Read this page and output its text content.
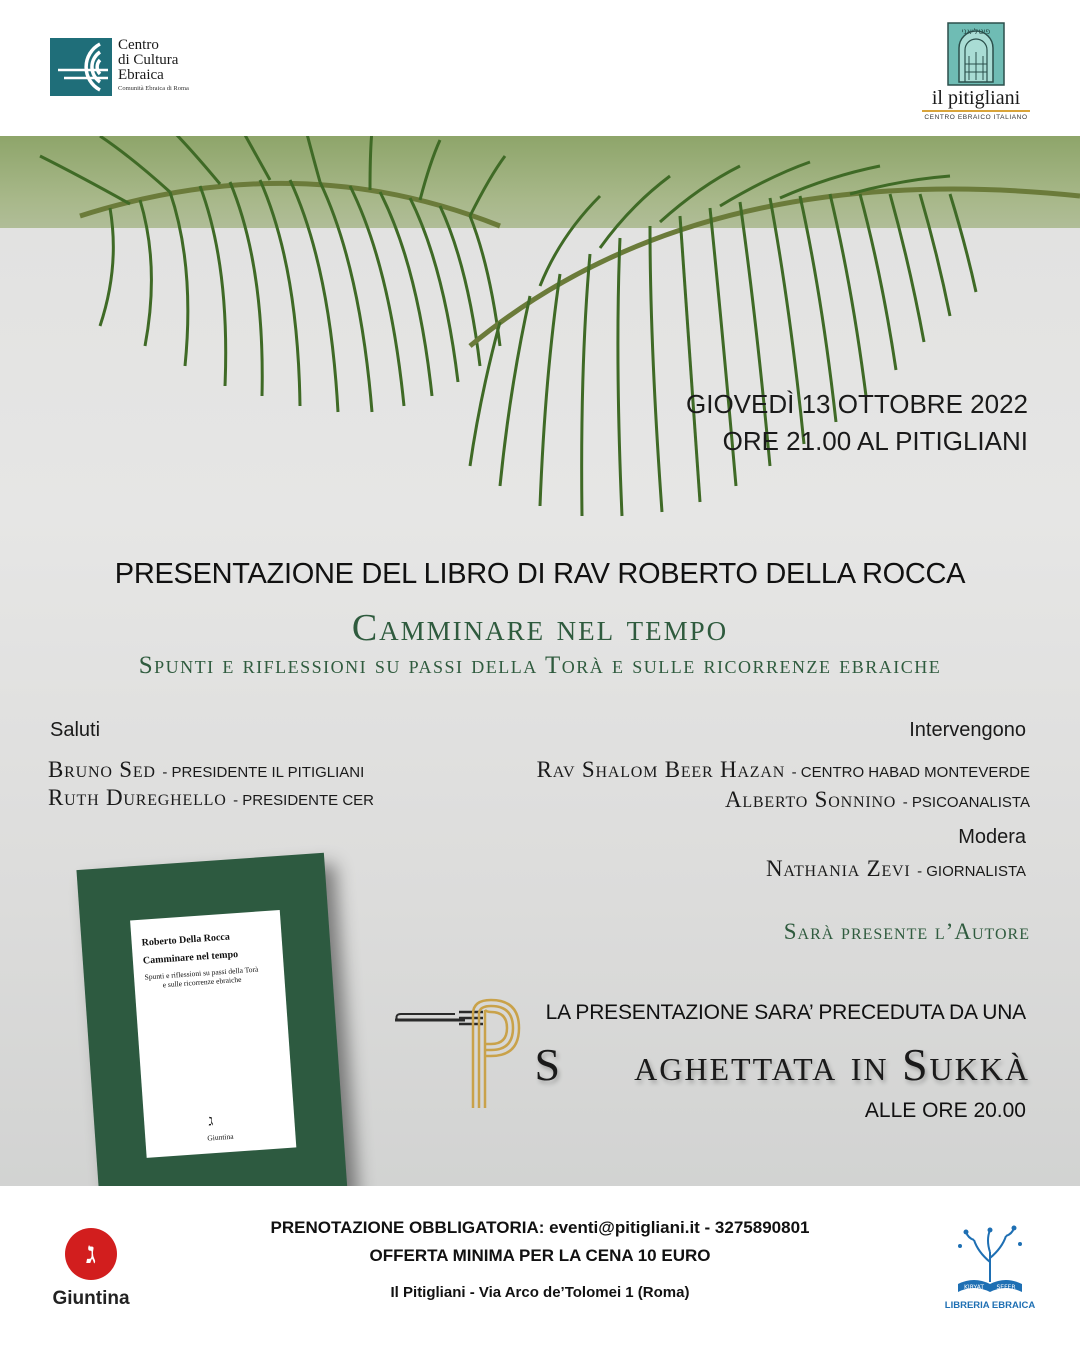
Centro
di Cultura
Ebraica
Comunità Ebraica di Roma
פיטליאני
il pitigliani
CENTRO EBRAICO ITALIANO
GIOVEDÌ 13 OTTOBRE 2022
ORE 21.00 AL PITIGLIANI
PRESENTAZIONE DEL LIBRO DI RAV ROBERTO DELLA ROCCA
Camminare nel tempo
Spunti e riflessioni su passi della Torà e sulle ricorrenze ebraiche
Saluti	Intervengono
Bruno Sed - PRESIDENTE IL PITIGLIANI
Ruth Dureghello - PRESIDENTE CER
Rav Shalom Beer Hazan - CENTRO HABAD MONTEVERDE
Alberto Sonnino - PSICOANALISTA
Modera
Nathania Zevi - GIORNALISTA
Sarà presente l’Autore
LA PRESENTAZIONE SARA’ PRECEDUTA DA UNA
S aghettata in Sukkà
ALLE ORE 20.00
Roberto Della Rocca
Camminare nel tempo
Spunti e riflessioni su passi della Torà e sulle ricorrenze ebraiche
ג
Giuntina
ג
Giuntina
PRENOTAZIONE OBBLIGATORIA: eventi@pitigliani.it - 3275890801
OFFERTA MINIMA PER LA CENA 10 EURO
Il Pitigliani - Via Arco de’Tolomei 1 (Roma)	KIRYAT SEFER
LIBRERIA EBRAICA
